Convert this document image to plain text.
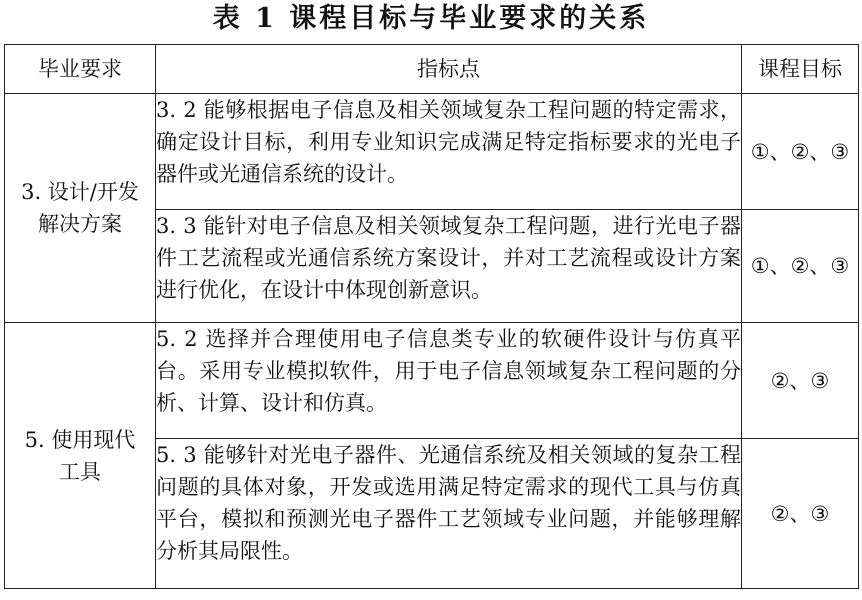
表 1 课程目标与毕业要求的关系
毕业要求	指标点	课程目标

3. 设计/开发
解决方案	3. 2 能够根据电子信息及相关领域复杂工程问题的特定需求，确定设计目标，利用专业知识完成满足特定指标要求的光电子器件或光通信系统的设计。	①、②、③
	3. 3 能针对电子信息及相关领域复杂工程问题，进行光电子器件工艺流程或光通信系统方案设计，并对工艺流程或设计方案进行优化，在设计中体现创新意识。	①、②、③

5. 使用现代
工具	5. 2 选择并合理使用电子信息类专业的软硬件设计与仿真平台。采用专业模拟软件，用于电子信息领域复杂工程问题的分析、计算、设计和仿真。	②、③
	5. 3 能够针对光电子器件、光通信系统及相关领域的复杂工程问题的具体对象，开发或选用满足特定需求的现代工具与仿真平台，模拟和预测光电子器件工艺领域专业问题，并能够理解分析其局限性。	②、③
